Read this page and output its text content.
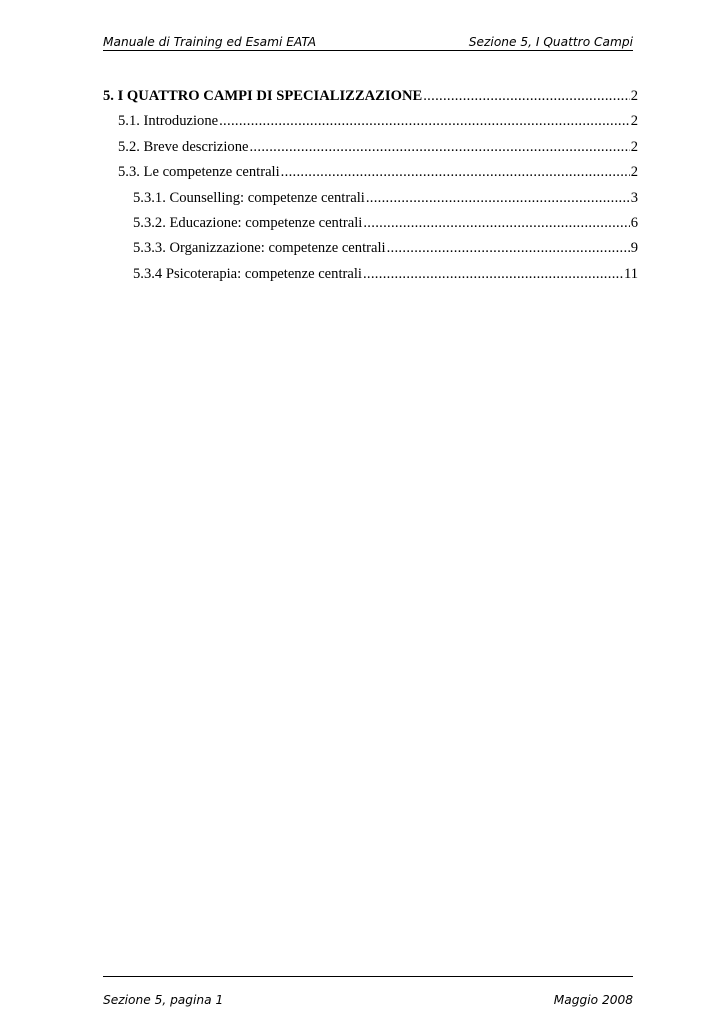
Manuale di Training ed Esami EATA	Sezione 5, I Quattro Campi
5. I QUATTRO CAMPI DI SPECIALIZZAZIONE .....	2
5.1. Introduzione .....	2
5.2. Breve descrizione .....	2
5.3. Le competenze centrali .....	2
5.3.1. Counselling: competenze centrali .....	3
5.3.2. Educazione: competenze centrali .....	6
5.3.3. Organizzazione: competenze centrali .....	9
5.3.4 Psicoterapia: competenze centrali .....	11
Sezione 5, pagina 1	Maggio 2008
